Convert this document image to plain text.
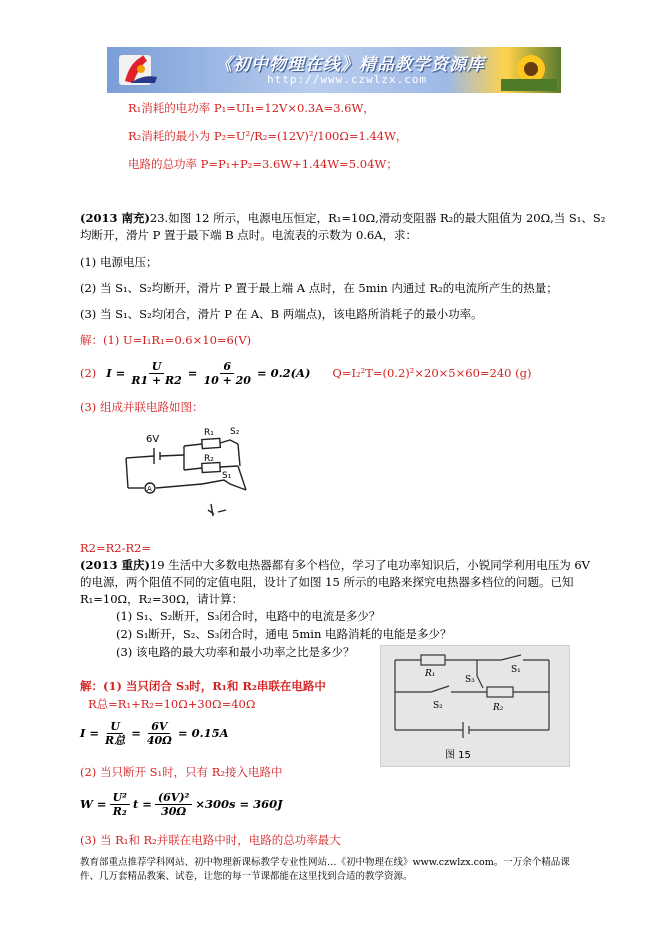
《初中物理在线》精品教学资源库
http://www.czwlzx.com
R₁消耗的电功率 P₁=UI₁=12V×0.3A=3.6W，
R₂消耗的最小为 P₂=U²/R₂=(12V)²/100Ω=1.44W，
电路的总功率 P=P₁+P₂=3.6W+1.44W=5.04W；
(2013 南充)23.如图 12 所示，电源电压恒定，R₁=10Ω,滑动变阻器 R₂的最大阻值为 20Ω,当 S₁、S₂
均断开，滑片 P 置于最下端 B 点时。电流表的示数为 0.6A，求：
(1) 电源电压；
(2) 当 S₁、S₂均断开，滑片 P 置于最上端 A 点时，在 5min 内通过 R₂的电流所产生的热量；
(3) 当 S₁、S₂均闭合，滑片 P 在 A、B 两端点)，该电路所消耗子的最小功率。
解：(1) U=I₁R₁=0.6×10=6(V)
(2) $I = \frac{U}{R1 + R2} = \frac{6}{10 + 20} = 0.2(A)$ Q=I₂²T=(0.2)²×20×5×60=240 (g)
(3) 组成并联电路如图：
6V
R₁
R₂
S₂
S₁
A
R2=R2-R2=
(2013 重庆)19 生活中大多数电热器都有多个档位，学习了电功率知识后，小锐同学利用电压为 6V
的电源，两个阻值不同的定值电阻，设计了如图 15 所示的电路来探究电热器多档位的问题。已知
R₁=10Ω，R₂=30Ω，请计算：
(1) S₁、S₂断开，S₃闭合时，电路中的电流是多少？
(2) S₁断开，S₂、S₃闭合时，通电 5min 电路消耗的电能是多少？
(3) 该电路的最大功率和最小功率之比是多少？
R₁
R₂
S₁
S₂
S₃
图 15
解：(1) 当只闭合 S₃时，R₁和 R₂串联在电路中
R总=R₁+R₂=10Ω+30Ω=40Ω
$I = \frac{U}{\text{R总}} = \frac{6V}{40\Omega} = 0.15A$
(2) 当只断开 S₁时，只有 R₂接入电路中
$W = \frac{\text{U²}}{\text{R₂}}$ $t = \frac{\text{(6V)²}}{30\Omega} \times 300s = 360J$
(3) 当 R₁和 R₂并联在电路中时，电路的总功率最大
教育部重点推荐学科网站、初中物理新课标教学专业性网站…《初中物理在线》www.czwlzx.com。一万余个精品课
件、几万套精品教案、试卷，让您的每一节课都能在这里找到合适的教学资源。
